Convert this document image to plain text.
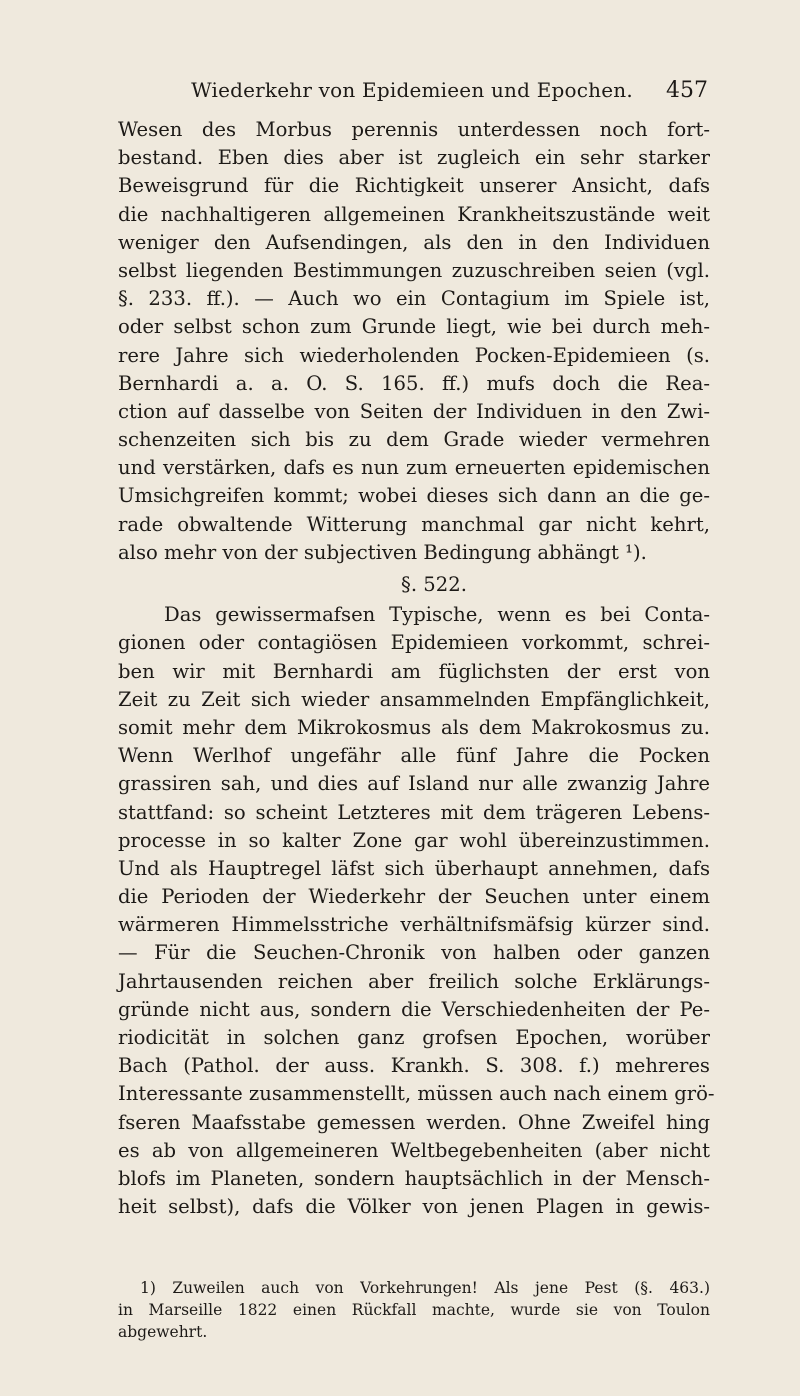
Wiederkehr von Epidemieen und Epochen.	457
Wesen des Morbus perennis unterdessen noch fort-
bestand. Eben dies aber ist zugleich ein sehr starker
Beweisgrund für die Richtigkeit unserer Ansicht, dafs
die nachhaltigeren allgemeinen Krankheitszustände weit
weniger den Aufsendingen, als den in den Individuen
selbst liegenden Bestimmungen zuzuschreiben seien (vgl.
§. 233. ff.). — Auch wo ein Contagium im Spiele ist,
oder selbst schon zum Grunde liegt, wie bei durch meh-
rere Jahre sich wiederholenden Pocken-Epidemieen (s.
Bernhardi a. a. O. S. 165. ff.) mufs doch die Rea-
ction auf dasselbe von Seiten der Individuen in den Zwi-
schenzeiten sich bis zu dem Grade wieder vermehren
und verstärken, dafs es nun zum erneuerten epidemischen
Umsichgreifen kommt; wobei dieses sich dann an die ge-
rade obwaltende Witterung manchmal gar nicht kehrt,
also mehr von der subjectiven Bedingung abhängt ¹).
§. 522.
Das gewissermafsen Typische, wenn es bei Conta-
gionen oder contagiösen Epidemieen vorkommt, schrei-
ben wir mit Bernhardi am füglichsten der erst von
Zeit zu Zeit sich wieder ansammelnden Empfänglichkeit,
somit mehr dem Mikrokosmus als dem Makrokosmus zu.
Wenn Werlhof ungefähr alle fünf Jahre die Pocken
grassiren sah, und dies auf Island nur alle zwanzig Jahre
stattfand: so scheint Letzteres mit dem trägeren Lebens-
processe in so kalter Zone gar wohl übereinzustimmen.
Und als Hauptregel läfst sich überhaupt annehmen, dafs
die Perioden der Wiederkehr der Seuchen unter einem
wärmeren Himmelsstriche verhältnifsmäfsig kürzer sind.
— Für die Seuchen-Chronik von halben oder ganzen
Jahrtausenden reichen aber freilich solche Erklärungs-
gründe nicht aus, sondern die Verschiedenheiten der Pe-
riodicität in solchen ganz grofsen Epochen, worüber
Bach (Pathol. der auss. Krankh. S. 308. f.) mehreres
Interessante zusammenstellt, müssen auch nach einem grö-
fseren Maafsstabe gemessen werden. Ohne Zweifel hing
es ab von allgemeineren Weltbegebenheiten (aber nicht
blofs im Planeten, sondern hauptsächlich in der Mensch-
heit selbst), dafs die Völker von jenen Plagen in gewis-
1) Zuweilen auch von Vorkehrungen! Als jene Pest (§. 463.)
in Marseille 1822 einen Rückfall machte, wurde sie von Toulon
abgewehrt.
